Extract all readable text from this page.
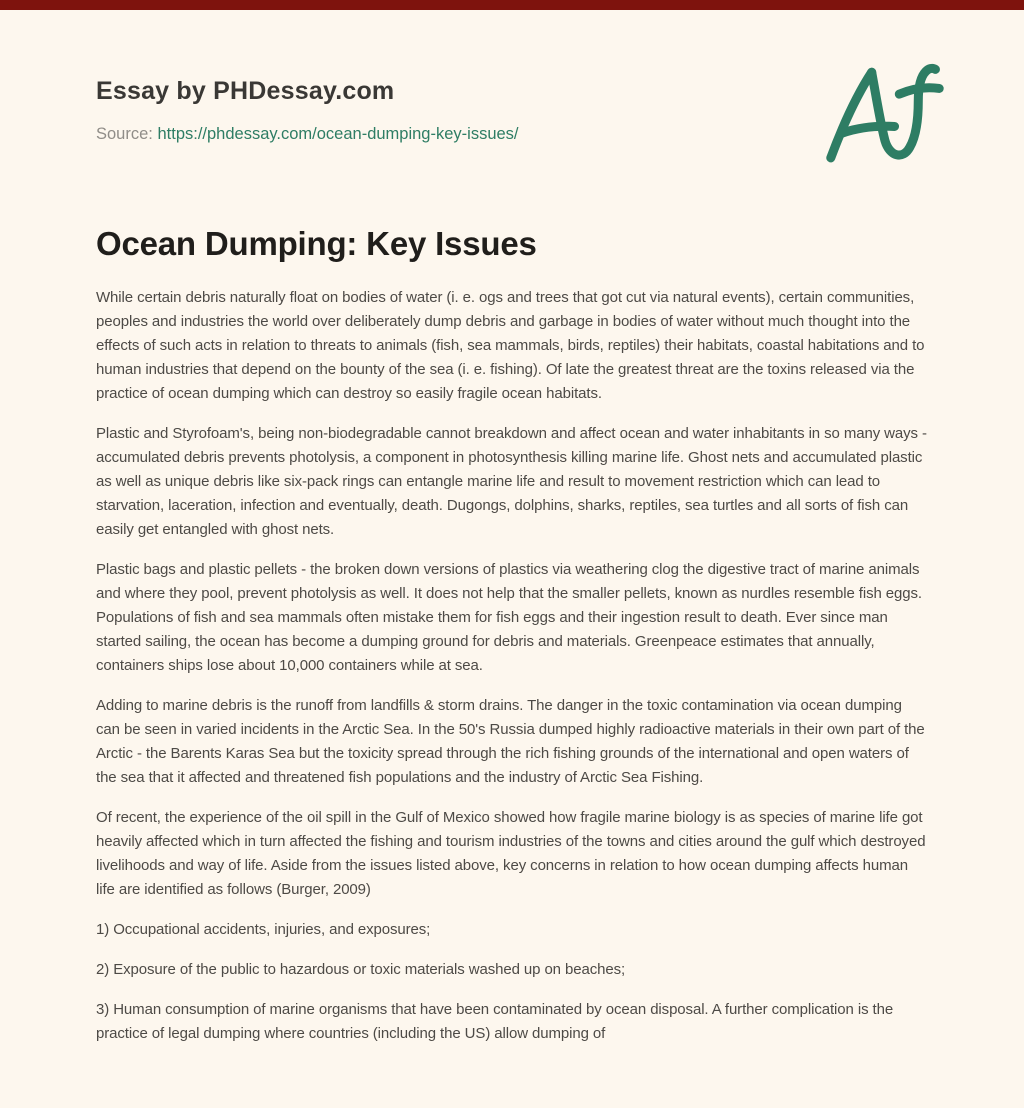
Essay by PHDessay.com
Source: https://phdessay.com/ocean-dumping-key-issues/
Ocean Dumping: Key Issues

While certain debris naturally float on bodies of water (i. e. ogs and trees that got cut via natural events), certain communities, peoples and industries the world over deliberately dump debris and garbage in bodies of water without much thought into the effects of such acts in relation to threats to animals (fish, sea mammals, birds, reptiles) their habitats, coastal habitations and to human industries that depend on the bounty of the sea (i. e. fishing). Of late the greatest threat are the toxins released via the practice of ocean dumping which can destroy so easily fragile ocean habitats.

Plastic and Styrofoam's, being non-biodegradable cannot breakdown and affect ocean and water inhabitants in so many ways - accumulated debris prevents photolysis, a component in photosynthesis killing marine life. Ghost nets and accumulated plastic as well as unique debris like six-pack rings can entangle marine life and result to movement restriction which can lead to starvation, laceration, infection and eventually, death. Dugongs, dolphins, sharks, reptiles, sea turtles and all sorts of fish can easily get entangled with ghost nets.

Plastic bags and plastic pellets - the broken down versions of plastics via weathering clog the digestive tract of marine animals and where they pool, prevent photolysis as well. It does not help that the smaller pellets, known as nurdles resemble fish eggs. Populations of fish and sea mammals often mistake them for fish eggs and their ingestion result to death. Ever since man started sailing, the ocean has become a dumping ground for debris and materials. Greenpeace estimates that annually, containers ships lose about 10,000 containers while at sea.

Adding to marine debris is the runoff from landfills & storm drains. The danger in the toxic contamination via ocean dumping can be seen in varied incidents in the Arctic Sea. In the 50's Russia dumped highly radioactive materials in their own part of the Arctic - the Barents Karas Sea but the toxicity spread through the rich fishing grounds of the international and open waters of the sea that it affected and threatened fish populations and the industry of Arctic Sea Fishing.

Of recent, the experience of the oil spill in the Gulf of Mexico showed how fragile marine biology is as species of marine life got heavily affected which in turn affected the fishing and tourism industries of the towns and cities around the gulf which destroyed livelihoods and way of life. Aside from the issues listed above, key concerns in relation to how ocean dumping affects human life are identified as follows (Burger, 2009)

1) Occupational accidents, injuries, and exposures;

2) Exposure of the public to hazardous or toxic materials washed up on beaches;

3) Human consumption of marine organisms that have been contaminated by ocean disposal. A further complication is the practice of legal dumping where countries (including the US) allow dumping of
